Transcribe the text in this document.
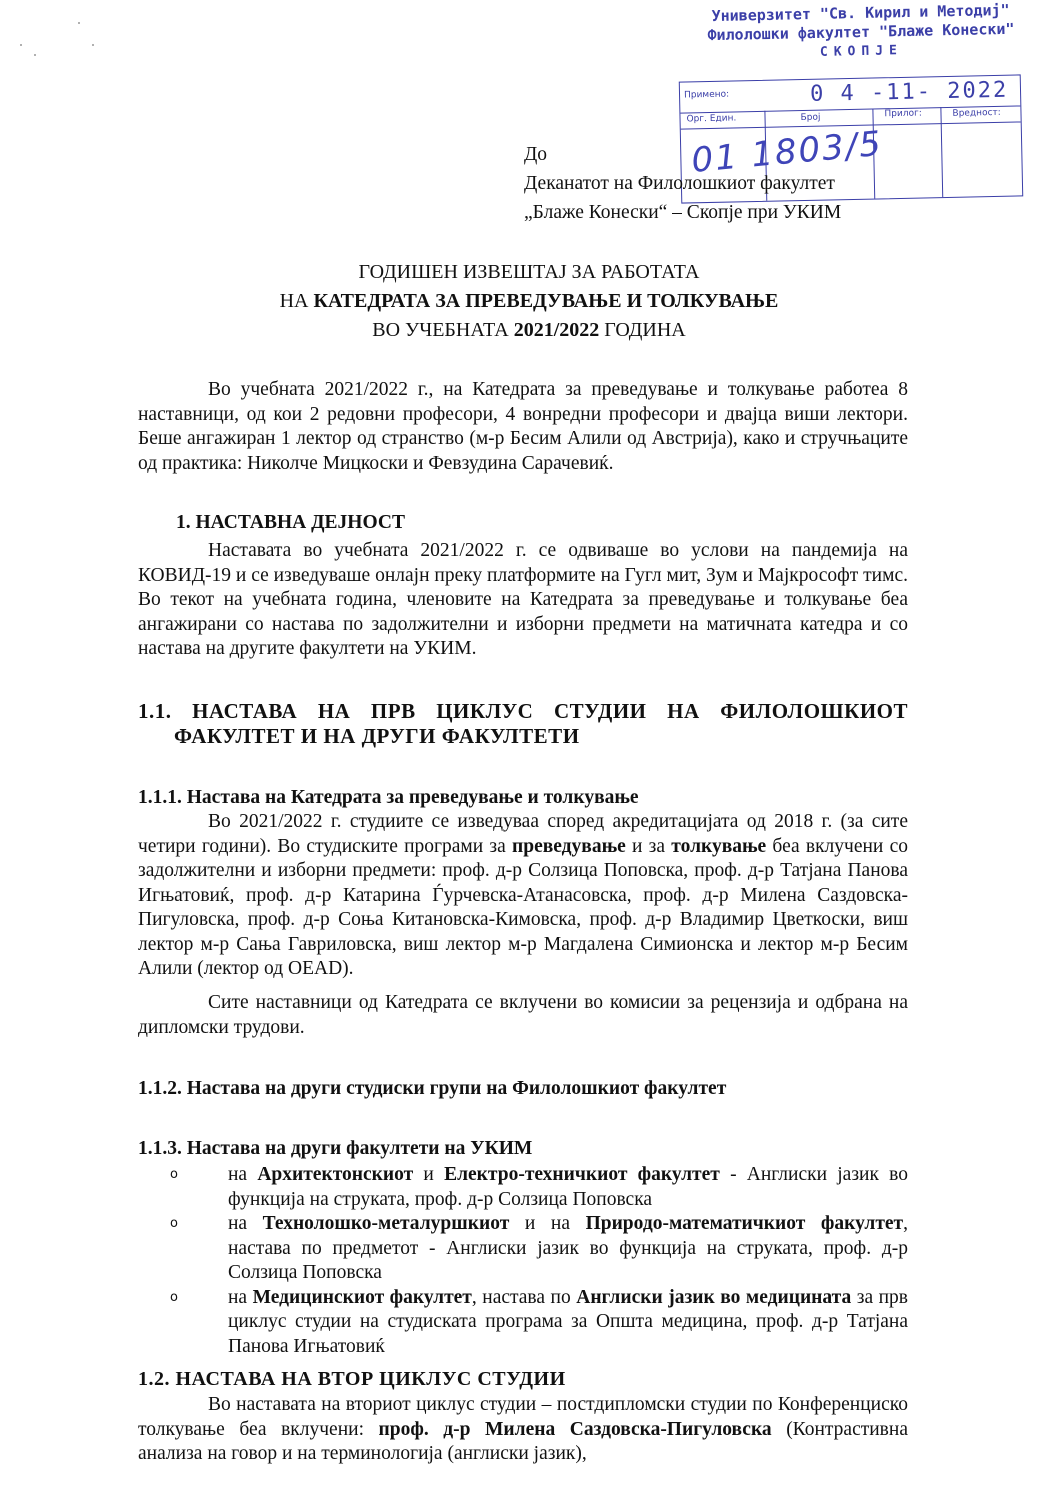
Универзитет "Св. Кирил и Методиј"
Филолошки факултет "Блаже Конески"
СКОПЈЕ
Примено:	0 4 -11- 2022
Орг. Един.	Број	Прилог:	Вредност:
01 1803/5
До
Деканатот на Филолошкиот факултет
„Блаже Конески“ – Скопје при УКИМ
ГОДИШЕН ИЗВЕШТАЈ ЗА РАБОТАТА
НА КАТЕДРАТА ЗА ПРЕВЕДУВАЊЕ И ТОЛКУВАЊЕ
ВО УЧЕБНАТА 2021/2022 ГОДИНА
Во учебната 2021/2022 г., на Катедрата за преведување и толкување работеа 8 наставници, од кои 2 редовни професори, 4 вонредни професори и двајца виши лектори. Беше ангажиран 1 лектор од странство (м-р Бесим Алили од Австрија), како и стручњаците од практика: Николче Мицкоски и Февзудина Сарачевиќ.
1. НАСТАВНА ДЕЈНОСТ
Наставата во учебната 2021/2022 г. се одвиваше во услови на пандемија на КОВИД-19 и се изведуваше онлајн преку платформите на Гугл мит, Зум и Мајкрософт тимс. Во текот на учебната година, членовите на Катедрата за преведување и толкување беа ангажирани со настава по задолжителни и изборни предмети на матичната катедра и со настава на другите факултети на УКИМ.
1.1. НАСТАВА НА ПРВ ЦИКЛУС СТУДИИ НА ФИЛОЛОШКИОТ
ФАКУЛТЕТ И НА ДРУГИ ФАКУЛТЕТИ
1.1.1. Настава на Катедрата за преведување и толкување
Во 2021/2022 г. студиите се изведуваа според акредитацијата од 2018 г. (за сите четири години). Во студиските програми за преведување и за толкување беа вклучени со задолжителни и изборни предмети: проф. д-р Солзица Поповска, проф. д-р Татјана Панова Игњатовиќ, проф. д-р Катарина Ѓурчевска-Атанасовска, проф. д-р Милена Саздовска-Пигуловска, проф. д-р Соња Китановска-Кимовска, проф. д-р Владимир Цветкоски, виш лектор м-р Сања Гавриловска, виш лектор м-р Магдалена Симионска и лектор м-р Бесим Алили (лектор од OEAD).
Сите наставници од Катедрата се вклучени во комисии за рецензија и одбрана на дипломски трудови.
1.1.2. Настава на други студиски групи на Филолошкиот факултет
1.1.3. Настава на други факултети на УКИМ
o	на Архитектонскиот и Електро-техничкиот факултет - Англиски јазик во функција на струката, проф. д-р Солзица Поповска
o	на Технолошко-металуршкиот и на Природо-математичкиот факултет, настава по предметот - Англиски јазик во функција на струката, проф. д-р Солзица Поповска
o	на Медицинскиот факултет, настава по Англиски јазик во медицината за прв циклус студии на студиската програма за Општа медицина, проф. д-р Татјана Панова Игњатовиќ
1.2. НАСТАВА НА ВТОР ЦИКЛУС СТУДИИ
Во наставата на вториот циклус студии – постдипломски студии по Конференциско толкување беа вклучени: проф. д-р Милена Саздовска-Пигуловска (Контрастивна анализа на говор и на терминологија (англиски јазик),
